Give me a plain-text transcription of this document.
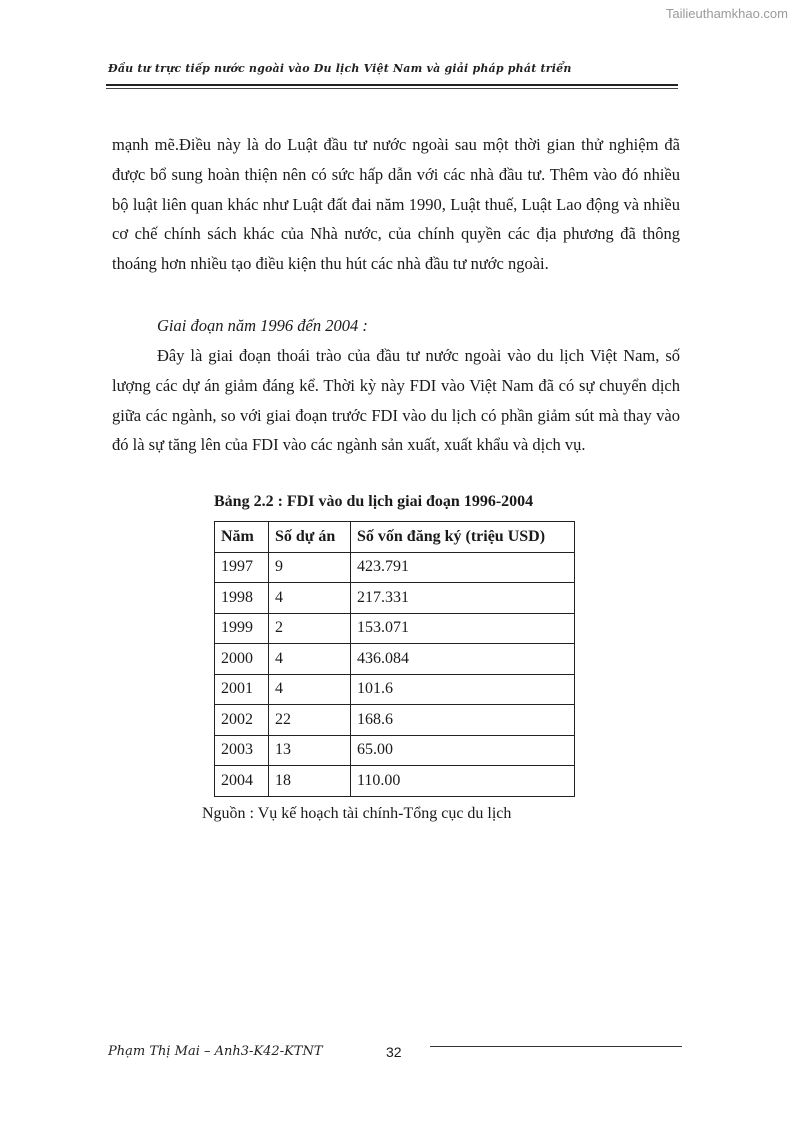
Tailieuthamkhao.com
Đầu tư trực tiếp nước ngoài vào Du lịch Việt Nam và giải pháp phát triển

mạnh mẽ.Điều này là do Luật đầu tư nước ngoài sau một thời gian thử nghiệm đã được bổ sung hoàn thiện nên có sức hấp dẫn với các nhà đầu tư. Thêm vào đó nhiều bộ luật liên quan khác như Luật đất đai năm 1990, Luật thuế, Luật Lao động và nhiều cơ chế chính sách khác của Nhà nước, của chính quyền các địa phương đã thông thoáng hơn nhiều tạo điều kiện thu hút các nhà đầu tư nước ngoài.

Giai đoạn năm 1996 đến 2004 :

Đây là giai đoạn thoái trào của đầu tư nước ngoài vào du lịch Việt Nam, số lượng các dự án giảm đáng kể. Thời kỳ này FDI vào Việt Nam đã có sự chuyển dịch giữa các ngành, so với giai đoạn trước FDI vào du lịch có phần giảm sút mà thay vào đó là sự tăng lên của FDI vào các ngành sản xuất, xuất khẩu và dịch vụ.

Bảng 2.2 : FDI vào du lịch giai đoạn 1996-2004
Năm	Số dự án	Số vốn đăng ký (triệu USD)
1997	9	423.791
1998	4	217.331
1999	2	153.071
2000	4	436.084
2001	4	101.6
2002	22	168.6
2003	13	65.00
2004	18	110.00
Nguồn : Vụ kế hoạch tài chính-Tổng cục du lịch
Phạm Thị Mai – Anh3-K42-KTNT	32
